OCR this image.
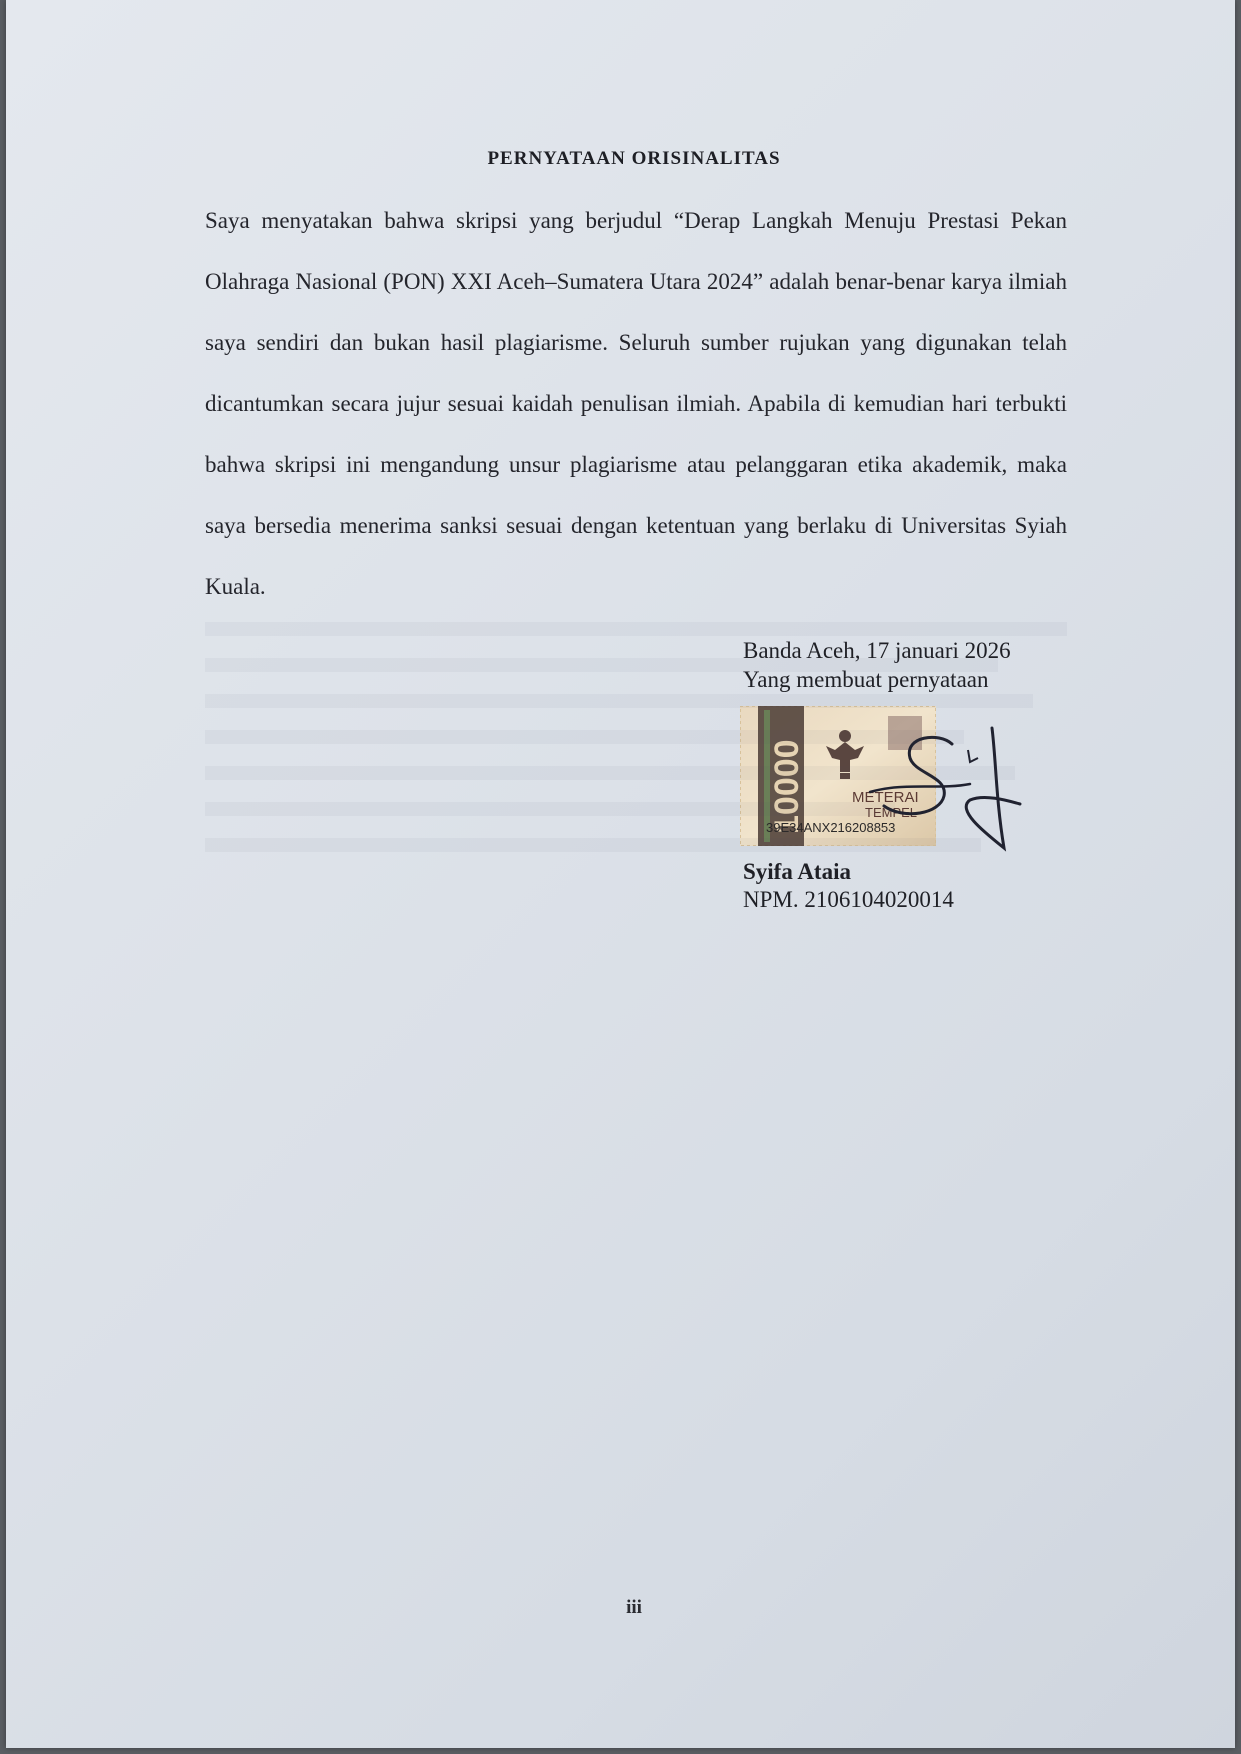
PERNYATAAN ORISINALITAS

Saya menyatakan bahwa skripsi yang berjudul “Derap Langkah Menuju Prestasi Pekan Olahraga Nasional (PON) XXI Aceh–Sumatera Utara 2024” adalah benar-benar karya ilmiah saya sendiri dan bukan hasil plagiarisme. Seluruh sumber rujukan yang digunakan telah dicantumkan secara jujur sesuai kaidah penulisan ilmiah. Apabila di kemudian hari terbukti bahwa skripsi ini mengandung unsur plagiarisme atau pelanggaran etika akademik, maka saya bersedia menerima sanksi sesuai dengan ketentuan yang berlaku di Universitas Syiah Kuala.

Banda Aceh, 17 januari 2026
Yang membuat pernyataan
10000	METERAI
TEMPEL
39E34ANX216208853
Syifa Ataia
NPM. 2106104020014
iii
